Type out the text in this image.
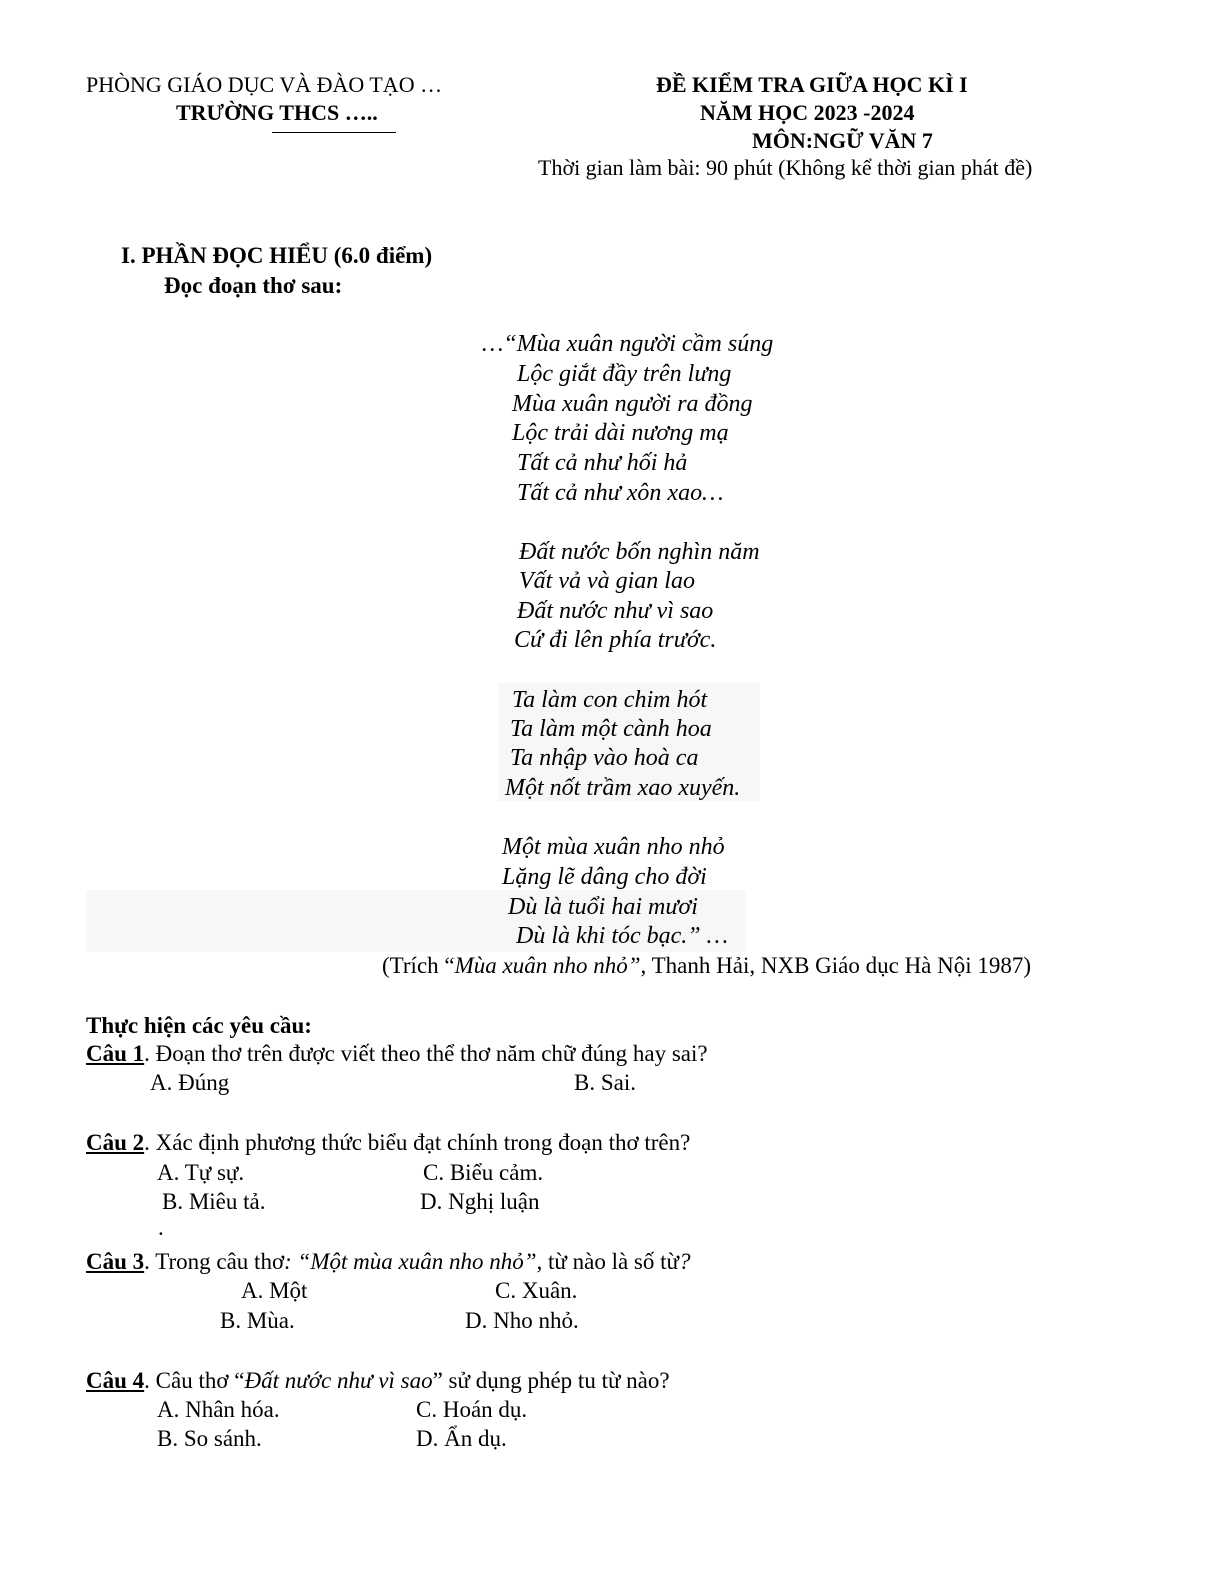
PHÒNG GIÁO DỤC VÀ ĐÀO TẠO …
TRƯỜNG THCS …..
ĐỀ KIỂM TRA GIỮA HỌC KÌ I
NĂM HỌC 2023 -2024
MÔN:NGỮ VĂN 7
Thời gian làm bài: 90 phút (Không kể thời gian phát đề)
I. PHẦN ĐỌC HIỂU (6.0 điểm)
Đọc đoạn thơ sau:
…“Mùa xuân người cầm súng
Lộc giắt đầy trên lưng
Mùa xuân người ra đồng
Lộc trải dài nương mạ
Tất cả như hối hả
Tất cả như xôn xao…
Đất nước bốn nghìn năm
Vất vả và gian lao
Đất nước như vì sao
Cứ đi lên phía trước.
Ta làm con chim hót
Ta làm một cành hoa
Ta nhập vào hoà ca
Một nốt trầm xao xuyến.
Một mùa xuân nho nhỏ
Lặng lẽ dâng cho đời
Dù là tuổi hai mươi
Dù là khi tóc bạc.” …
(Trích “Mùa xuân nho nhỏ”, Thanh Hải, NXB Giáo dục Hà Nội 1987)
Thực hiện các yêu cầu:
Câu 1. Đoạn thơ trên được viết theo thể thơ năm chữ đúng hay sai?
A. Đúng	B. Sai.
Câu 2. Xác định phương thức biểu đạt chính trong đoạn thơ trên?
A. Tự sự.	C. Biểu cảm.
B. Miêu tả.	D. Nghị luận
.
Câu 3. Trong câu thơ: “Một mùa xuân nho nhỏ”, từ nào là số từ?
A. Một	C. Xuân.
B. Mùa.	D. Nho nhỏ.
Câu 4. Câu thơ “Đất nước như vì sao” sử dụng phép tu từ nào?
A. Nhân hóa.	C. Hoán dụ.
B. So sánh.	D. Ẩn dụ.
